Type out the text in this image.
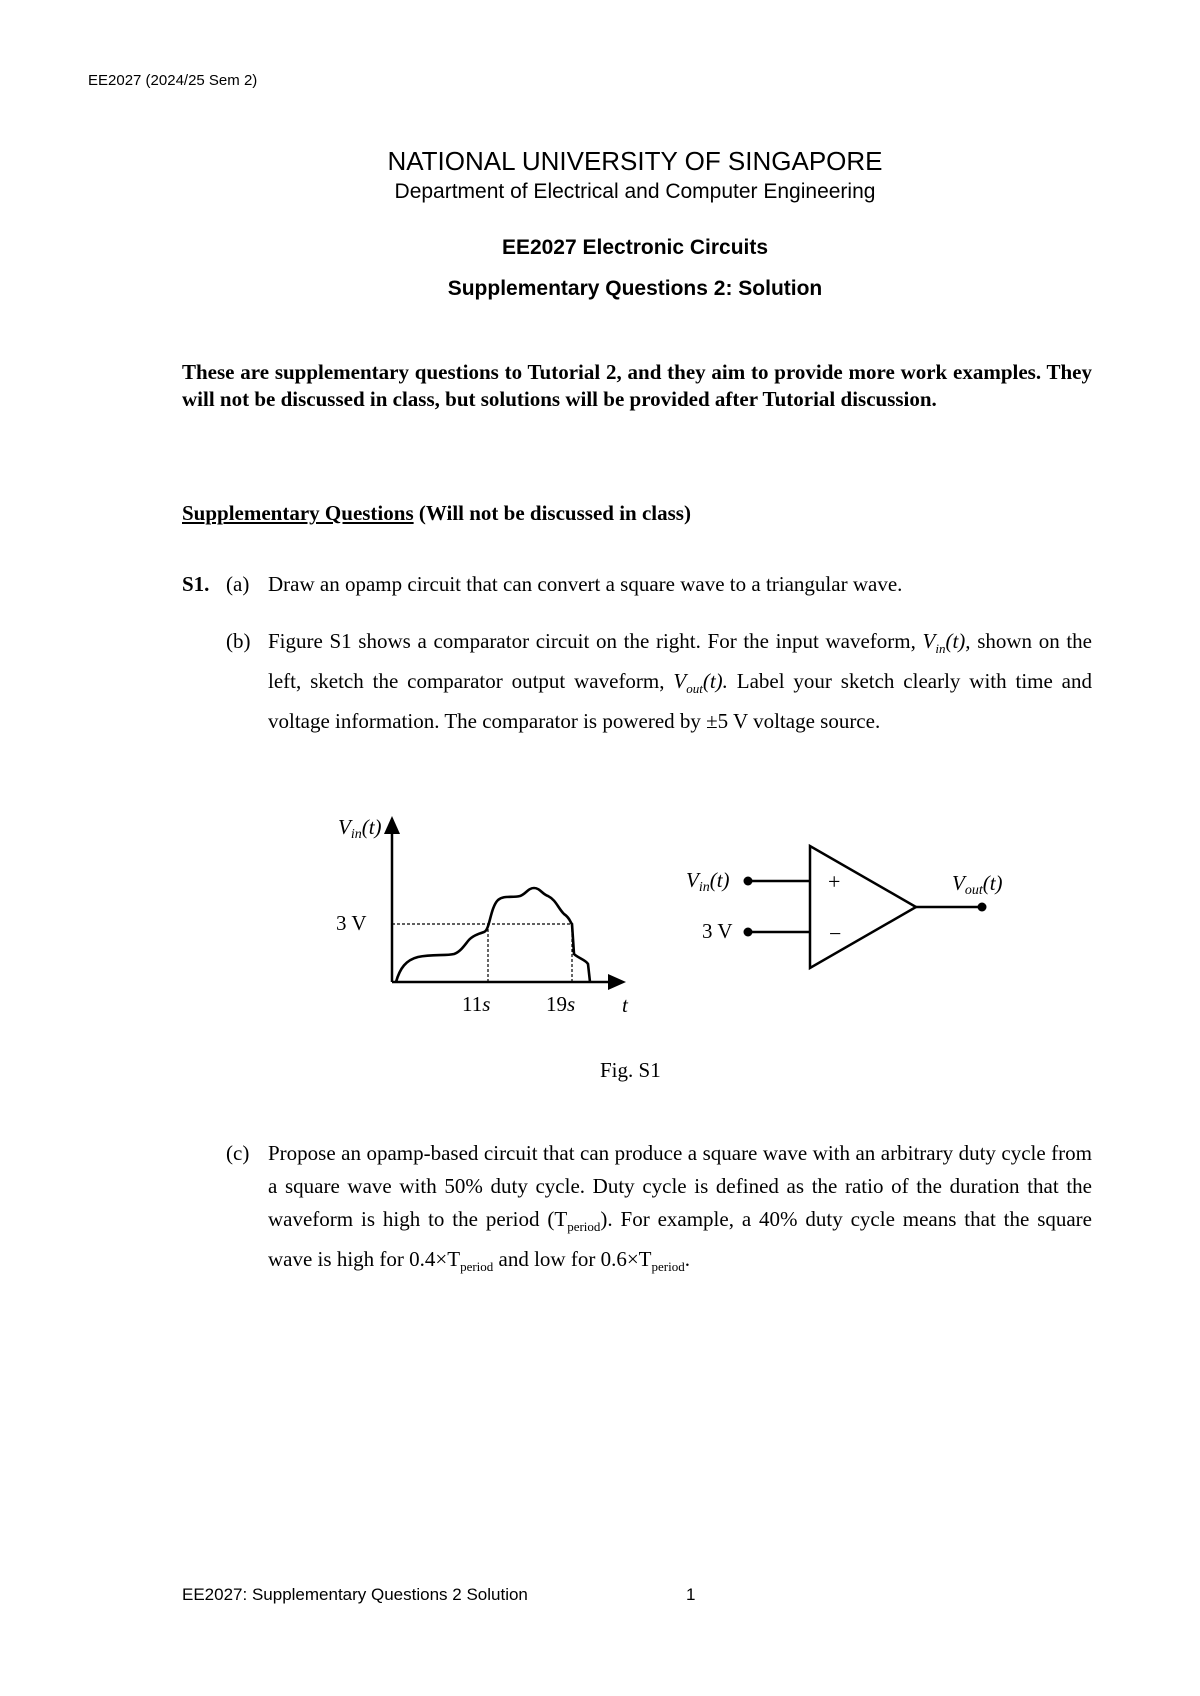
EE2027 (2024/25 Sem 2)
NATIONAL UNIVERSITY OF SINGAPORE
Department of Electrical and Computer Engineering
EE2027 Electronic Circuits
Supplementary Questions 2: Solution
These are supplementary questions to Tutorial 2, and they aim to provide more work examples. They will not be discussed in class, but solutions will be provided after Tutorial discussion.
Supplementary Questions (Will not be discussed in class)
S1. (a) Draw an opamp circuit that can convert a square wave to a triangular wave.
(b) Figure S1 shows a comparator circuit on the right. For the input waveform, $V_{in}(t)$, shown on the left, sketch the comparator output waveform, $V_{out}(t)$. Label your sketch clearly with time and voltage information. The comparator is powered by ±5 V voltage source.
Vin(t)
t
3 V
11s	19s
Vin(t)
3 V
+
−
Vout(t)
Fig. S1
(c) Propose an opamp-based circuit that can produce a square wave with an arbitrary duty cycle from a square wave with 50% duty cycle. Duty cycle is defined as the ratio of the duration that the waveform is high to the period $(T_{period})$. For example, a 40% duty cycle means that the square wave is high for $0.4\times T_{period}$ and low for $0.6\times T_{period}$.
EE2027: Supplementary Questions 2 Solution	1
